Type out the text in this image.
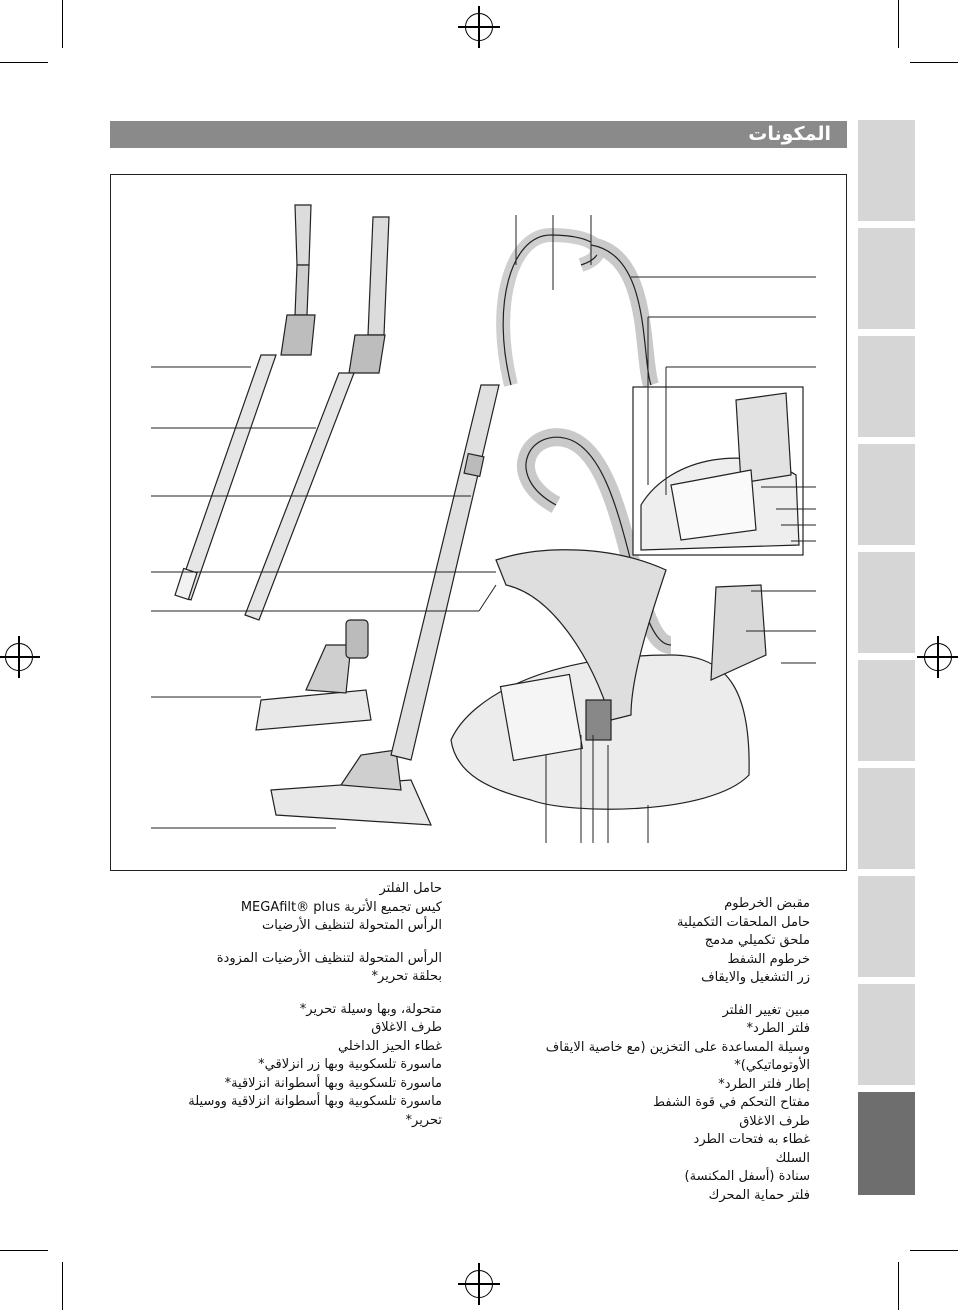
المكونات
مقبض الخرطوم
حامل الملحقات التكميلية
ملحق تكميلي مدمج
خرطوم الشفط
زر التشغيل والايقاف
مبين تغيير الفلتر
فلتر الطرد*
وسيلة المساعدة على التخزين (مع خاصية الايقاف
الأوتوماتيكي)*
إطار فلتر الطرد*
مفتاح التحكم في قوة الشفط
طرف الاغلاق
غطاء به فتحات الطرد
السلك
سنادة (أسفل المكنسة)
فلتر حماية المحرك
حامل الفلتر
كيس تجميع الأتربة MEGAfilt® plus
الرأس المتحولة لتنظيف الأرضيات
الرأس المتحولة لتنظيف الأرضيات المزودة
بحلقة تحرير*
متحولة، وبها وسيلة تحرير*
طرف الاغلاق
غطاء الحيز الداخلي
ماسورة تلسكوبية وبها زر انزلاقي*
ماسورة تلسكوبية وبها أسطوانة انزلاقية*
ماسورة تلسكوبية وبها أسطوانة انزلاقية ووسيلة
تحرير*
